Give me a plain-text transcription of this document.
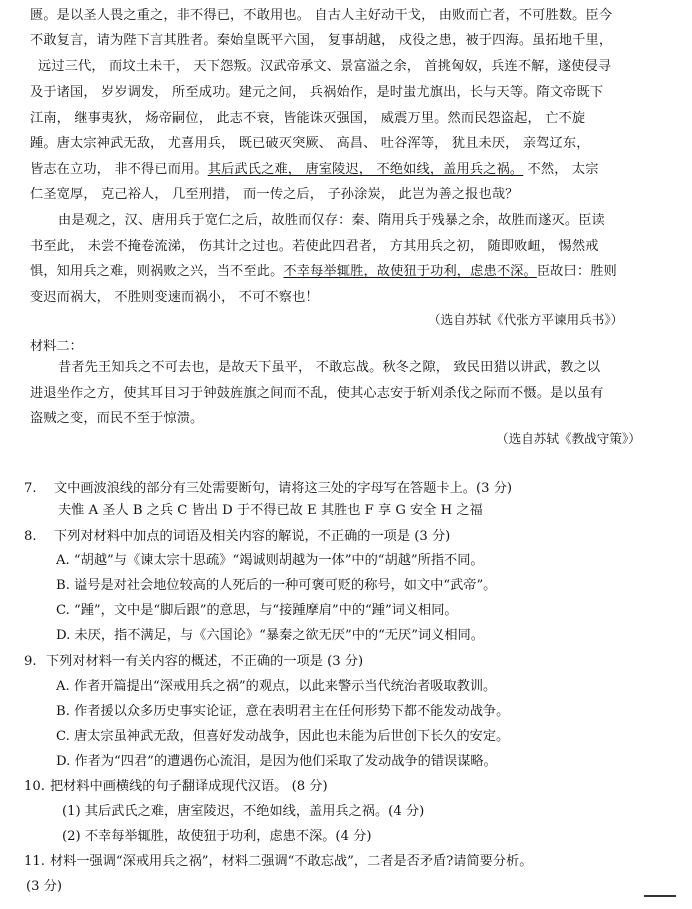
匮。是以圣人畏之重之，非不得已，不敢用也。 自古人主好动干戈， 由败而亡者，不可胜数。臣今
不敢复言，请为陛下言其胜者。秦始皇既平六国， 复事胡越， 戍役之患，被于四海。虽拓地千里，
远过三代， 而坟土未干， 天下怨叛。汉武帝承文、景富溢之余， 首挑匈奴，兵连不解，遂使侵寻
及于诸国， 岁岁调发， 所至成功。建元之间， 兵祸始作，是时蚩尤旗出，长与天等。隋文帝既下
江南， 继事夷狄， 炀帝嗣位， 此志不衰，皆能诛灭强国， 威震万里。然而民怨盗起， 亡不旋
踵。唐太宗神武无敌， 尤喜用兵， 既已破灭突厥、 高昌、 吐谷浑等， 犹且未厌， 亲驾辽东，
皆志在立功， 非不得已而用。其后武氏之难， 唐室陵迟， 不绝如线，盖用兵之祸。 不然， 太宗
仁圣宽厚， 克己裕人， 几至刑措， 而一传之后， 子孙涂炭， 此岂为善之报也哉？
由是观之，汉、唐用兵于宽仁之后，故胜而仅存：秦、隋用兵于残暴之余，故胜而遂灭。臣读
书至此， 未尝不掩卷流涕， 伤其计之过也。若使此四君者， 方其用兵之初， 随即败衄， 惕然戒
惧，知用兵之难，则祸败之兴，当不至此。不幸每举辄胜，故使狃于功利，虑患不深。臣故曰：胜则
变迟而祸大， 不胜则变速而祸小， 不可不察也！
（选自苏轼《代张方平谏用兵书》）
材料二：
昔者先王知兵之不可去也，是故天下虽平， 不敢忘战。秋冬之隙， 致民田猎以讲武，教之以
进退坐作之方，使其耳目习于钟鼓旌旗之间而不乱，使其心志安于斩刈杀伐之际而不慑。是以虽有
盗贼之变，而民不至于惊溃。
（选自苏轼《教战守策》）
7. 文中画波浪线的部分有三处需要断句，请将这三处的字母写在答题卡上。(3 分)
夫惟 A 圣人 B 之兵 C 皆出 D 于不得已故 E 其胜也 F 享 G 安全 H 之福
8. 下列对材料中加点的词语及相关内容的解说，不正确的一项是 (3 分)
A. “胡越”与《谏太宗十思疏》“竭诚则胡越为一体”中的“胡越”所指不同。
B. 谥号是对社会地位较高的人死后的一种可褒可贬的称号，如文中“武帝”。
C. “踵”，文中是“脚后跟”的意思，与“接踵摩肩”中的“踵”词义相同。
D. 未厌，指不满足，与《六国论》“暴秦之欲无厌”中的“无厌”词义相同。
9. 下列对材料一有关内容的概述，不正确的一项是 (3 分)
A. 作者开篇提出“深戒用兵之祸”的观点，以此来警示当代统治者吸取教训。
B. 作者援以众多历史事实论证，意在表明君主在任何形势下都不能发动战争。
C. 唐太宗虽神武无敌，但喜好发动战争，因此也未能为后世创下长久的安定。
D. 作者为“四君”的遭遇伤心流泪，是因为他们采取了发动战争的错误谋略。
10. 把材料中画横线的句子翻译成现代汉语。 (8 分)
(1) 其后武氏之难，唐室陵迟，不绝如线，盖用兵之祸。(4 分)
(2) 不幸每举辄胜，故使狃于功利，虑患不深。(4 分)
11. 材料一强调“深戒用兵之祸”，材料二强调“不敢忘战”，二者是否矛盾?请简要分析。
(3 分)
